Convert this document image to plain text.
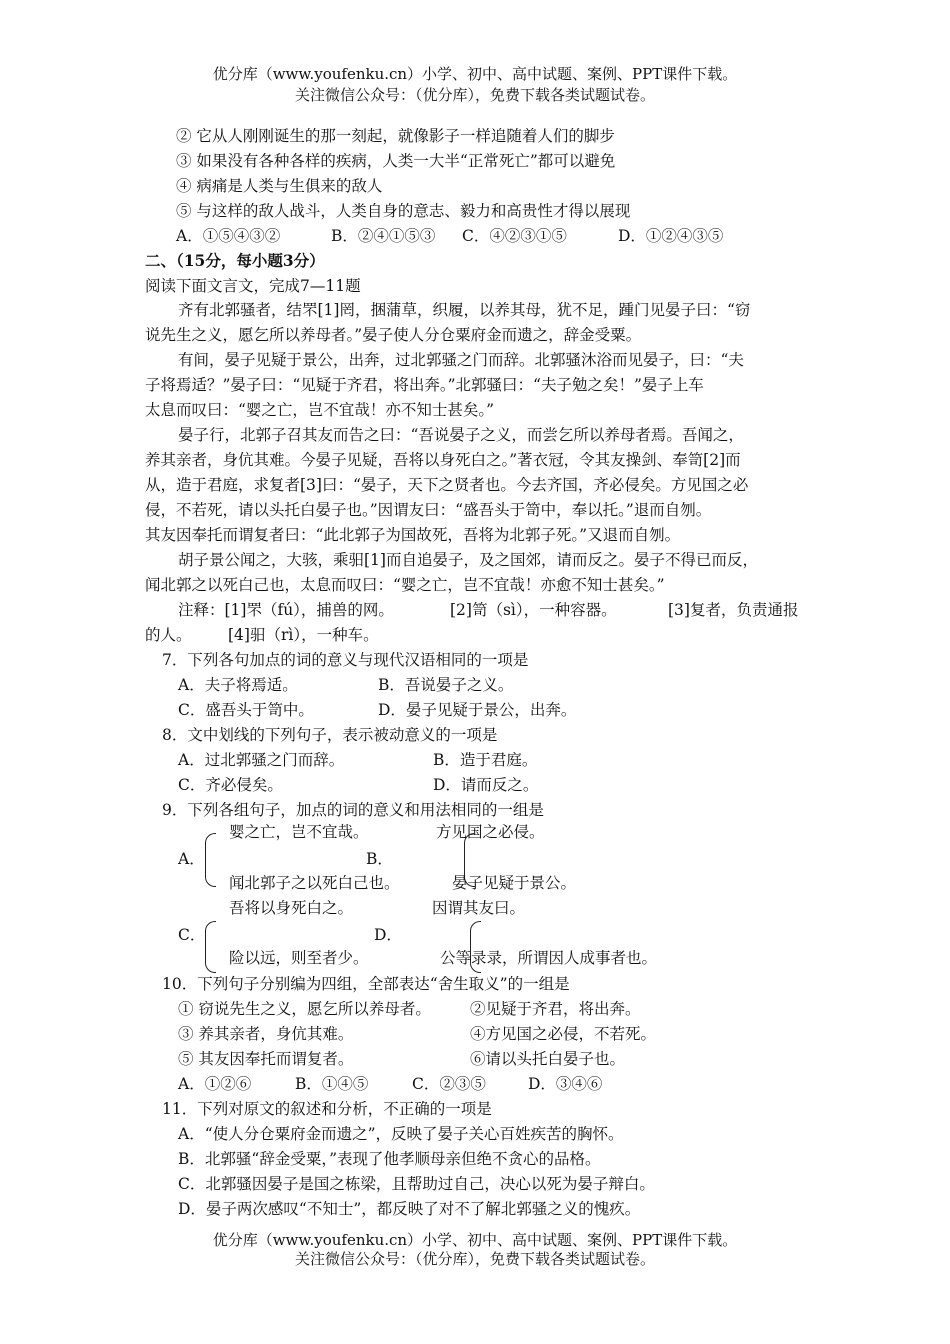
优分库（www.youfenku.cn）小学、初中、高中试题、案例、PPT课件下载。
关注微信公众号：（优分库），免费下载各类试题试卷。
② 它从人刚刚诞生的那一刻起，就像影子一样追随着人们的脚步
③ 如果没有各种各样的疾病，人类一大半“正常死亡”都可以避免
④ 病痛是人类与生俱来的敌人
⑤ 与这样的敌人战斗，人类自身的意志、毅力和高贵性才得以展现
A．①⑤④③②	B．②④①⑤③ C．④②③①⑤	D．①②④③⑤
二、（15分，每小题3分）
阅读下面文言文，完成7—11题
齐有北郭骚者，结罘[1]罔，捆蒲草，织履，以养其母，犹不足，踵门见晏子曰：“窃
说先生之义，愿乞所以养母者。”晏子使人分仓粟府金而遗之，辞金受粟。
有间，晏子见疑于景公，出奔，过北郭骚之门而辞。北郭骚沐浴而见晏子，曰：“夫
子将焉适？”晏子曰：“见疑于齐君，将出奔。”北郭骚曰：“夫子勉之矣！”晏子上车
太息而叹曰：“婴之亡，岂不宜哉！亦不知士甚矣。”
晏子行，北郭子召其友而告之曰：“吾说晏子之义，而尝乞所以养母者焉。吾闻之，
养其亲者，身伉其难。今晏子见疑，吾将以身死白之。”著衣冠，令其友操剑、奉笥[2]而
从，造于君庭，求复者[3]曰：“晏子，天下之贤者也。今去齐国，齐必侵矣。方见国之必
侵，不若死，请以头托白晏子也。”因谓友曰：“盛吾头于笥中，奉以托。”退而自刎。
其友因奉托而谓复者曰：“此北郭子为国故死，吾将为北郭子死。”又退而自刎。
胡子景公闻之，大骇，乘驲[1]而自追晏子，及之国郊，请而反之。晏子不得已而反，
闻北郭之以死白己也，太息而叹曰：“婴之亡，岂不宜哉！亦愈不知士甚矣。”
注释：[1]罘（fú），捕兽的网。	[2]笥（sì），一种容器。	[3]复者，负责通报
的人。 [4]驲（rì），一种车。
7．下列各句加点的词的意义与现代汉语相同的一项是
A．夫子将焉适。	B．吾说晏子之义。
C．盛吾头于笥中。	D．晏子见疑于景公，出奔。
8．文中划线的下列句子，表示被动意义的一项是
A．过北郭骚之门而辞。	B．造于君庭。
C．齐必侵矣。	D．请而反之。
9．下列各组句子，加点的词的意义和用法相同的一组是
婴之亡，岂不宜哉。	方见国之必侵。
A．	B．
闻北郭子之以死白己也。	晏子见疑于景公。
吾将以身死白之。	因谓其友曰。
C．	D．
险以远，则至者少。	公等录录，所谓因人成事者也。
10．下列句子分别编为四组，全部表达“舍生取义”的一组是
① 窃说先生之义，愿乞所以养母者。	②见疑于齐君，将出奔。
③ 养其亲者，身伉其难。	④方见国之必侵，不若死。
⑤ 其友因奉托而谓复者。	⑥请以头托白晏子也。
A．①②⑥	B．①④⑤	C．②③⑤	D．③④⑥
11．下列对原文的叙述和分析，不正确的一项是
A．“使人分仓粟府金而遗之”，反映了晏子关心百姓疾苦的胸怀。
B．北郭骚“辞金受粟，”表现了他孝顺母亲但绝不贪心的品格。
C．北郭骚因晏子是国之栋梁，且帮助过自己，决心以死为晏子辩白。
D．晏子两次感叹“不知士”，都反映了对不了解北郭骚之义的愧疚。
优分库（www.youfenku.cn）小学、初中、高中试题、案例、PPT课件下载。
关注微信公众号：（优分库），免费下载各类试题试卷。
